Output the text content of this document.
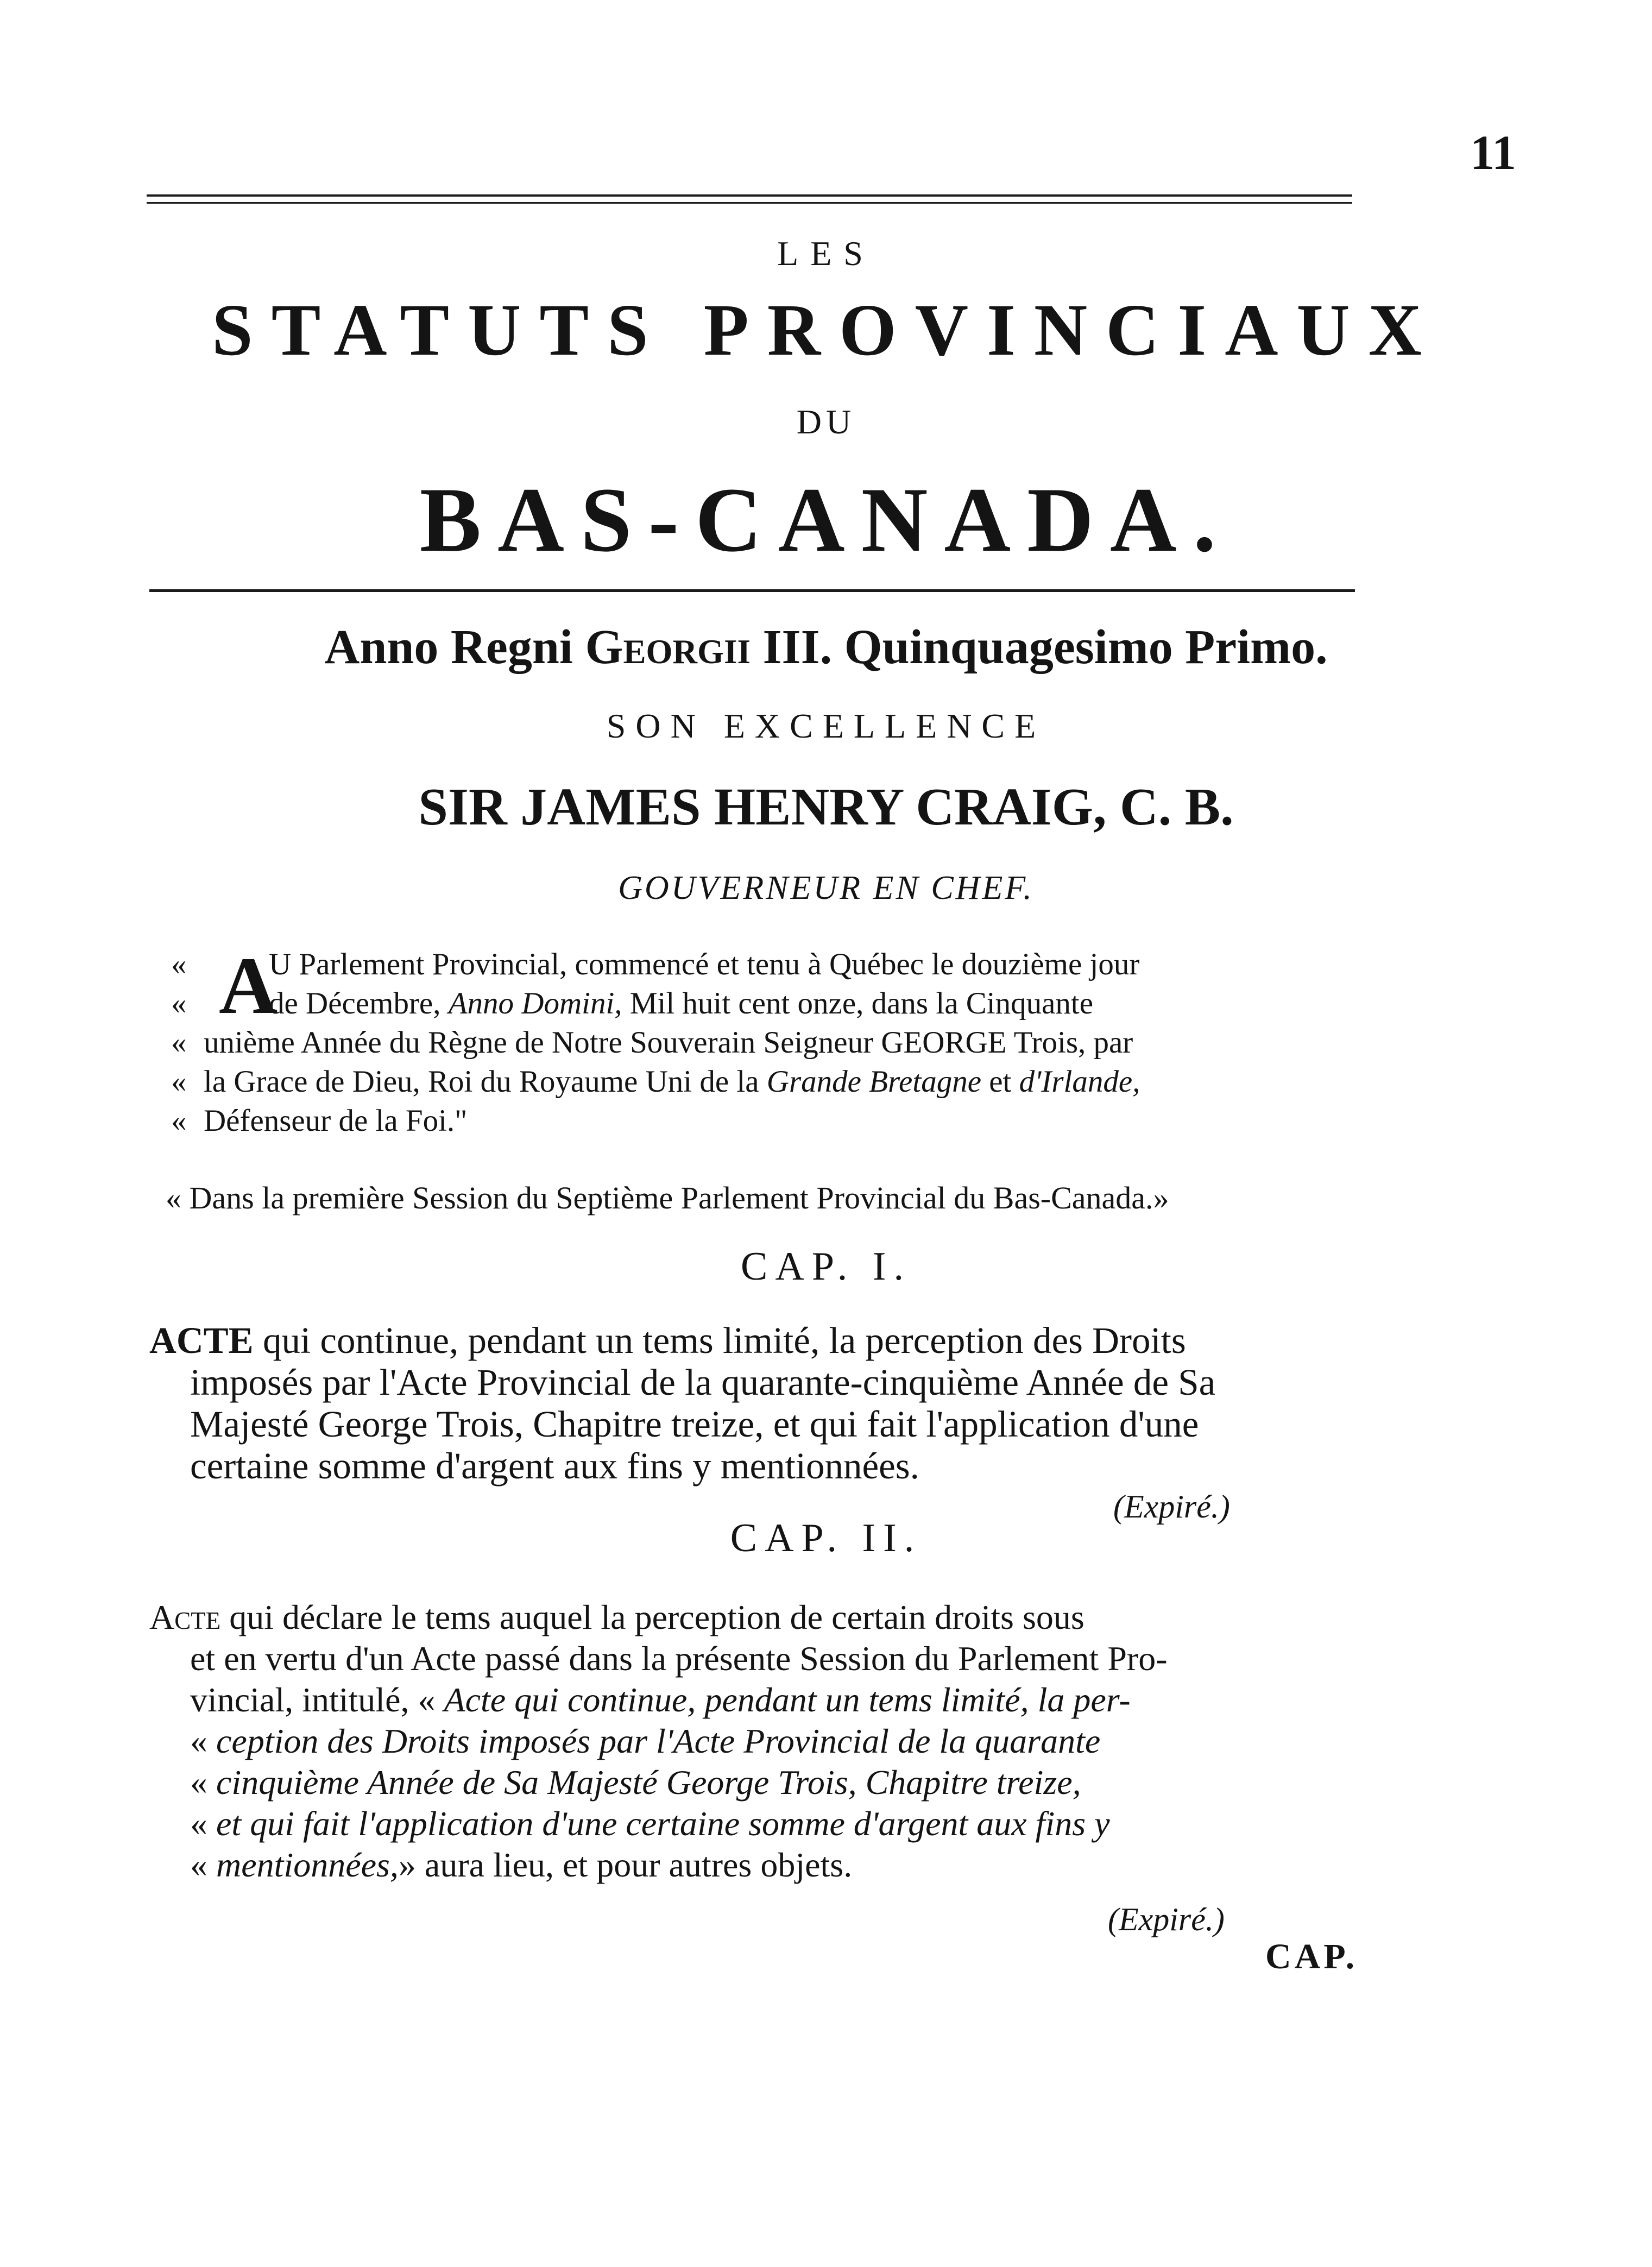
11
LES
STATUTS PROVINCIAUX
DU
BAS-CANADA.
Anno Regni Georgii III. Quinquagesimo Primo.
SON EXCELLENCE
SIR JAMES HENRY CRAIG, C. B.
GOUVERNEUR EN CHEF.
A
«	U Parlement Provincial, commencé et tenu à Québec le douzième jour
«	de Décembre, Anno Domini, Mil huit cent onze, dans la Cinquante
« unième Année du Règne de Notre Souverain Seigneur GEORGE Trois, par
« la Grace de Dieu, Roi du Royaume Uni de la Grande Bretagne et d'Irlande,
« Défenseur de la Foi."
« Dans la première Session du Septième Parlement Provincial du Bas-Canada.»
CAP. I.
ACTE qui continue, pendant un tems limité, la perception des Droits
imposés par l'Acte Provincial de la quarante-cinquième Année de Sa
Majesté George Trois, Chapitre treize, et qui fait l'application d'une
certaine somme d'argent aux fins y mentionnées.
(Expiré.)
CAP. II.
Acte qui déclare le tems auquel la perception de certain droits sous
et en vertu d'un Acte passé dans la présente Session du Parlement Pro-
vincial, intitulé, « Acte qui continue, pendant un tems limité, la per-
« ception des Droits imposés par l'Acte Provincial de la quarante
« cinquième Année de Sa Majesté George Trois, Chapitre treize,
« et qui fait l'application d'une certaine somme d'argent aux fins y
« mentionnées,» aura lieu, et pour autres objets.
(Expiré.)
CAP.
